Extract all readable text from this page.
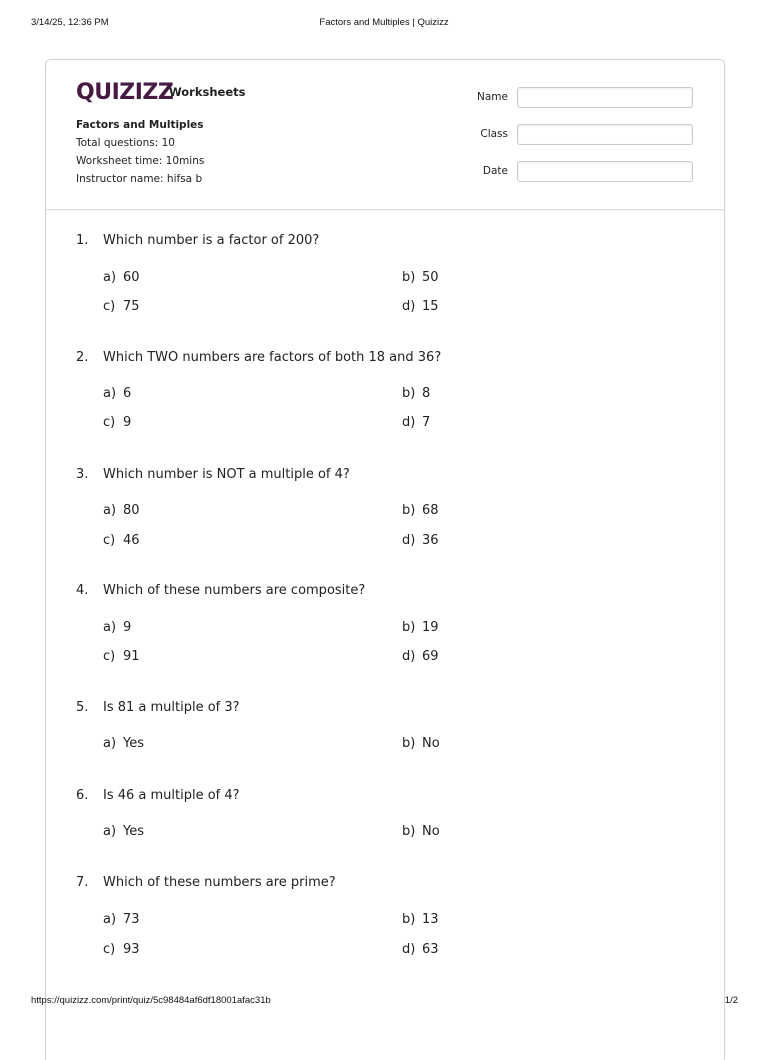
3/14/25, 12:36 PM	Factors and Multiples | Quizizz
QUIZIZZ
Worksheets
Factors and Multiples
Total questions: 10
Worksheet time: 10mins
Instructor name: hifsa b
Name
Class
Date
1. Which number is a factor of 200?
a) 60	b) 50
c) 75	d) 15
2. Which TWO numbers are factors of both 18 and 36?
a) 6	b) 8
c) 9	d) 7
3. Which number is NOT a multiple of 4?
a) 80	b) 68
c) 46	d) 36
4. Which of these numbers are composite?
a) 9	b) 19
c) 91	d) 69
5. Is 81 a multiple of 3?
a) Yes	b) No
6. Is 46 a multiple of 4?
a) Yes	b) No
7. Which of these numbers are prime?
a) 73	b) 13
c) 93	d) 63
https://quizizz.com/print/quiz/5c98484af6df18001afac31b	1/2
